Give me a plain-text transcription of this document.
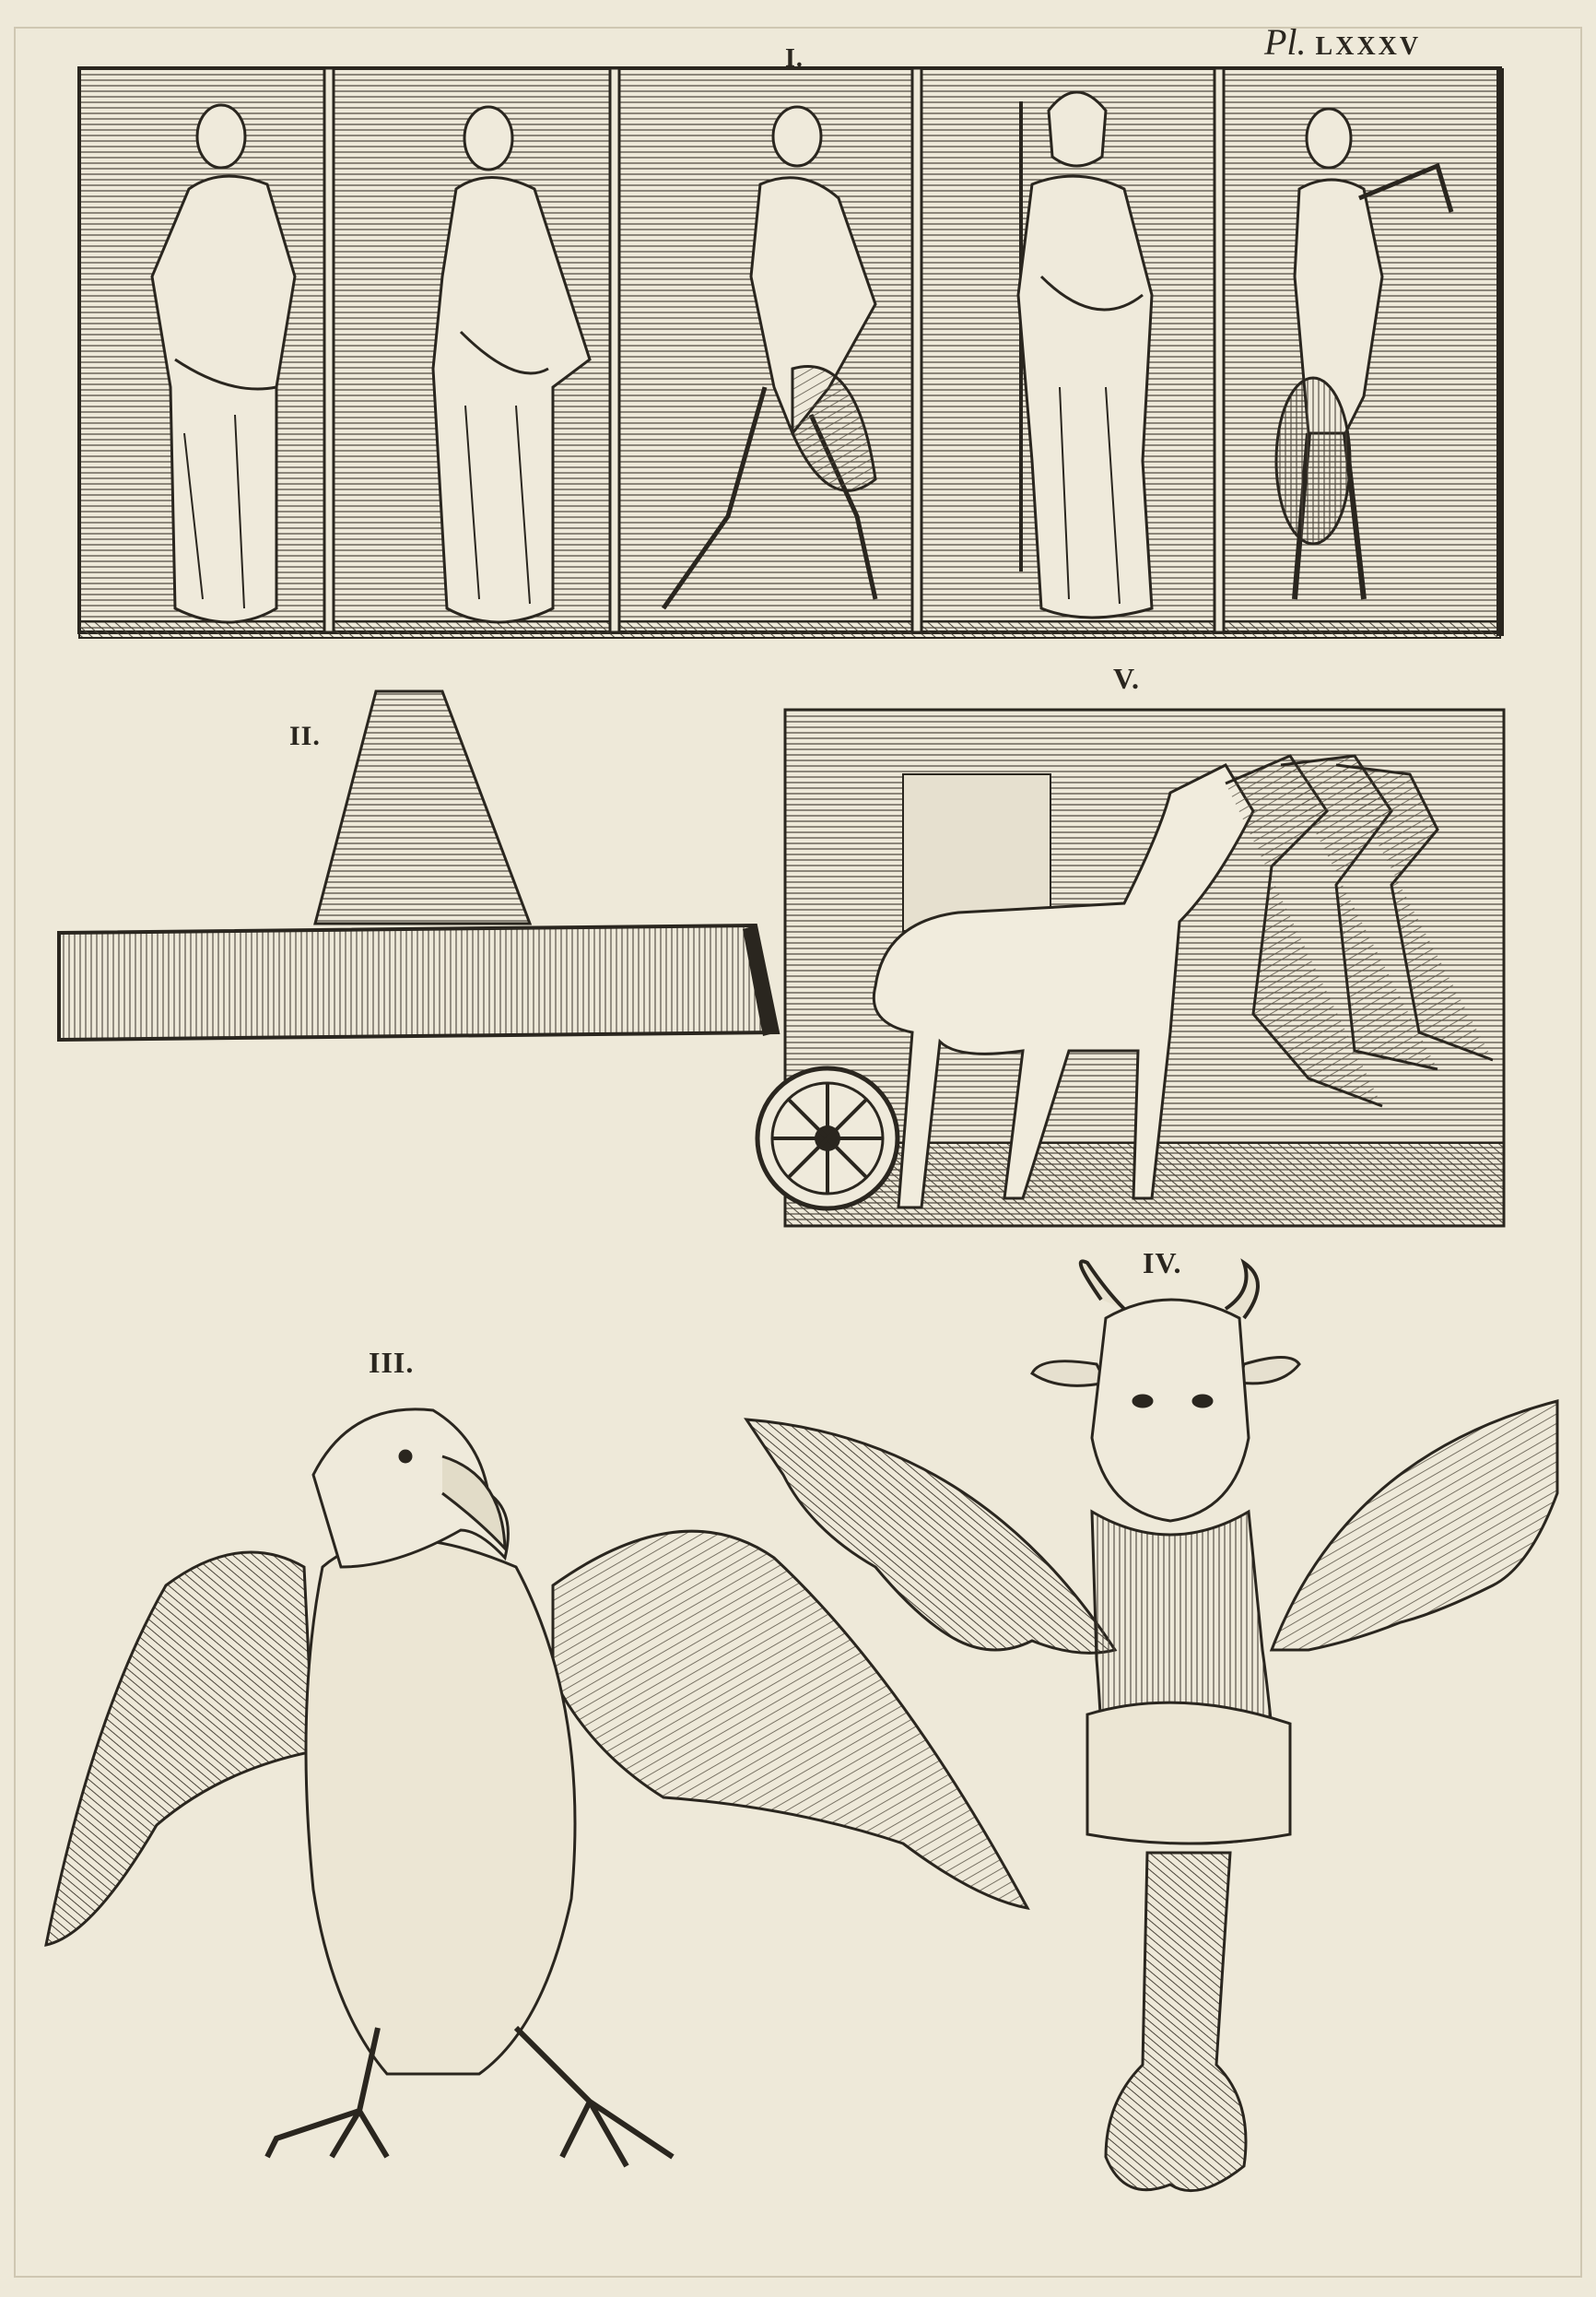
Pl. LXXXV
I.
II.
V.
III.
IV.
